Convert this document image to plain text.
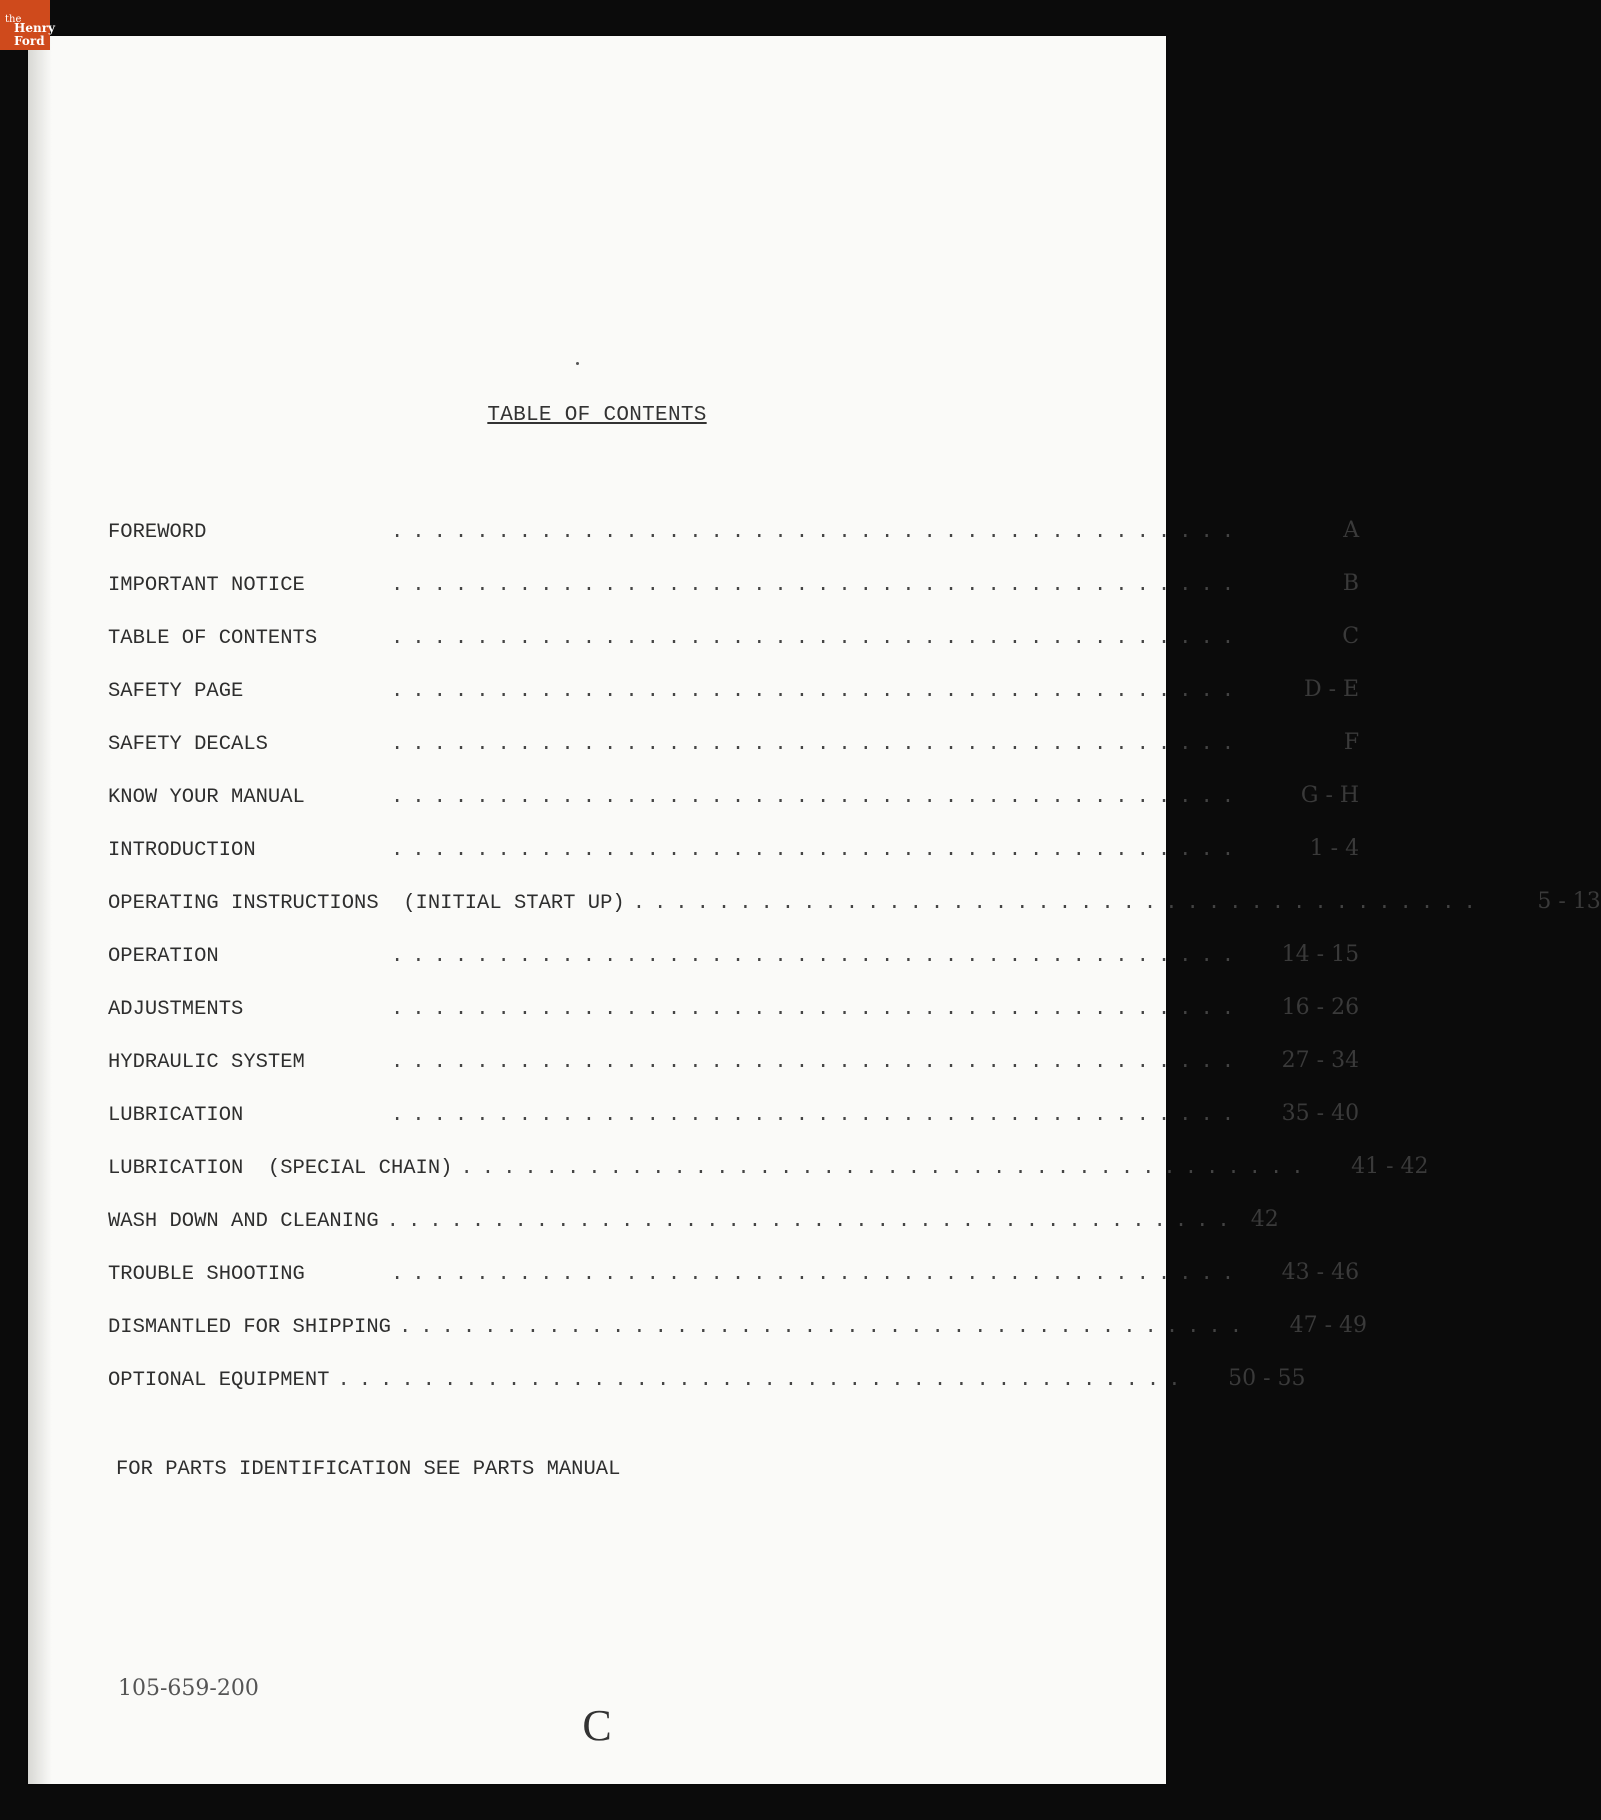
the
Henry
Ford
TABLE OF CONTENTS
FOREWORD	........................................	A
IMPORTANT NOTICE	........................................	B
TABLE OF CONTENTS	........................................	C
SAFETY PAGE	........................................	D - E
SAFETY DECALS	........................................	F
KNOW YOUR MANUAL	........................................	G - H
INTRODUCTION	........................................	1 - 4
OPERATING INSTRUCTIONS  (INITIAL START UP) ........................................	5 - 13
OPERATION	........................................	14 - 15
ADJUSTMENTS	........................................	16 - 26
HYDRAULIC SYSTEM	........................................	27 - 34
LUBRICATION	........................................	35 - 40
LUBRICATION  (SPECIAL CHAIN) ........................................	41 - 42
WASH DOWN AND CLEANING ........................................ 42
TROUBLE SHOOTING	........................................	43 - 46
DISMANTLED FOR SHIPPING ........................................	47 - 49
OPTIONAL EQUIPMENT ........................................	50 - 55
FOR PARTS IDENTIFICATION SEE PARTS MANUAL
105-659-200
C
